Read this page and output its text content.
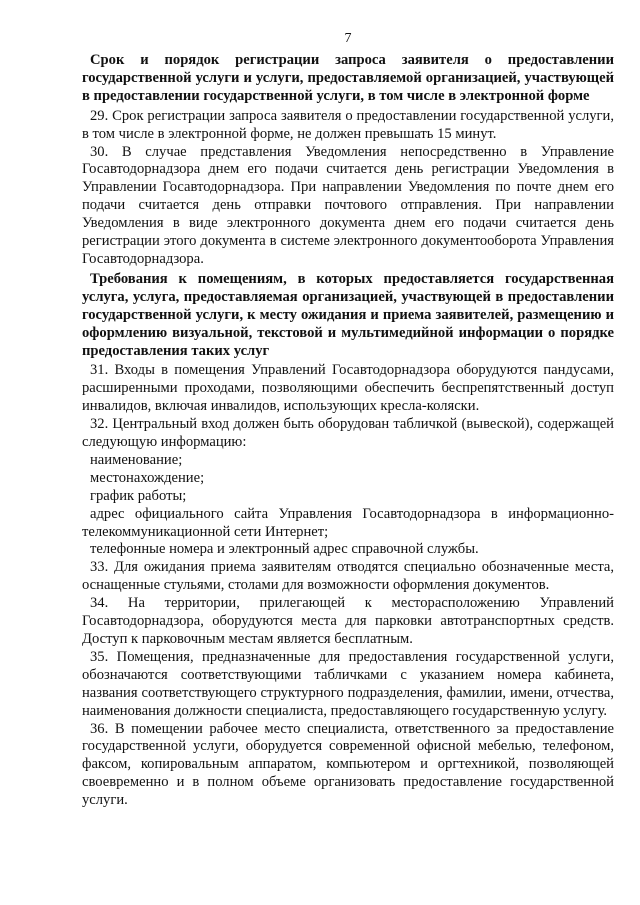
7
Срок и порядок регистрации запроса заявителя о предоставлении государственной услуги и услуги, предоставляемой организацией, участвующей в предоставлении государственной услуги, в том числе в электронной форме

29. Срок регистрации запроса заявителя о предоставлении государственной услуги, в том числе в электронной форме, не должен превышать 15 минут.

30. В случае представления Уведомления непосредственно в Управление Госавтодорнадзора днем его подачи считается день регистрации Уведомления в Управлении Госавтодорнадзора. При направлении Уведомления по почте днем его подачи считается день отправки почтового отправления. При направлении Уведомления в виде электронного документа днем его подачи считается день регистрации этого документа в системе электронного документооборота Управления Госавтодорнадзора.

Требования к помещениям, в которых предоставляется государственная услуга, услуга, предоставляемая организацией, участвующей в предоставлении государственной услуги, к месту ожидания и приема заявителей, размещению и оформлению визуальной, текстовой и мультимедийной информации о порядке предоставления таких услуг

31. Входы в помещения Управлений Госавтодорнадзора оборудуются пандусами, расширенными проходами, позволяющими обеспечить беспрепятственный доступ инвалидов, включая инвалидов, использующих кресла-коляски.

32. Центральный вход должен быть оборудован табличкой (вывеской), содержащей следующую информацию:

наименование;

местонахождение;

график работы;

адрес официального сайта Управления Госавтодорнадзора в информационно-телекоммуникационной сети Интернет;

телефонные номера и электронный адрес справочной службы.

33. Для ожидания приема заявителям отводятся специально обозначенные места, оснащенные стульями, столами для возможности оформления документов.

34. На территории, прилегающей к месторасположению Управлений Госавтодорнадзора, оборудуются места для парковки автотранспортных средств. Доступ к парковочным местам является бесплатным.

35. Помещения, предназначенные для предоставления государственной услуги, обозначаются соответствующими табличками с указанием номера кабинета, названия соответствующего структурного подразделения, фамилии, имени, отчества, наименования должности специалиста, предоставляющего государственную услугу.

36. В помещении рабочее место специалиста, ответственного за предоставление государственной услуги, оборудуется современной офисной мебелью, телефоном, факсом, копировальным аппаратом, компьютером и оргтехникой, позволяющей своевременно и в полном объеме организовать предоставление государственной услуги.
